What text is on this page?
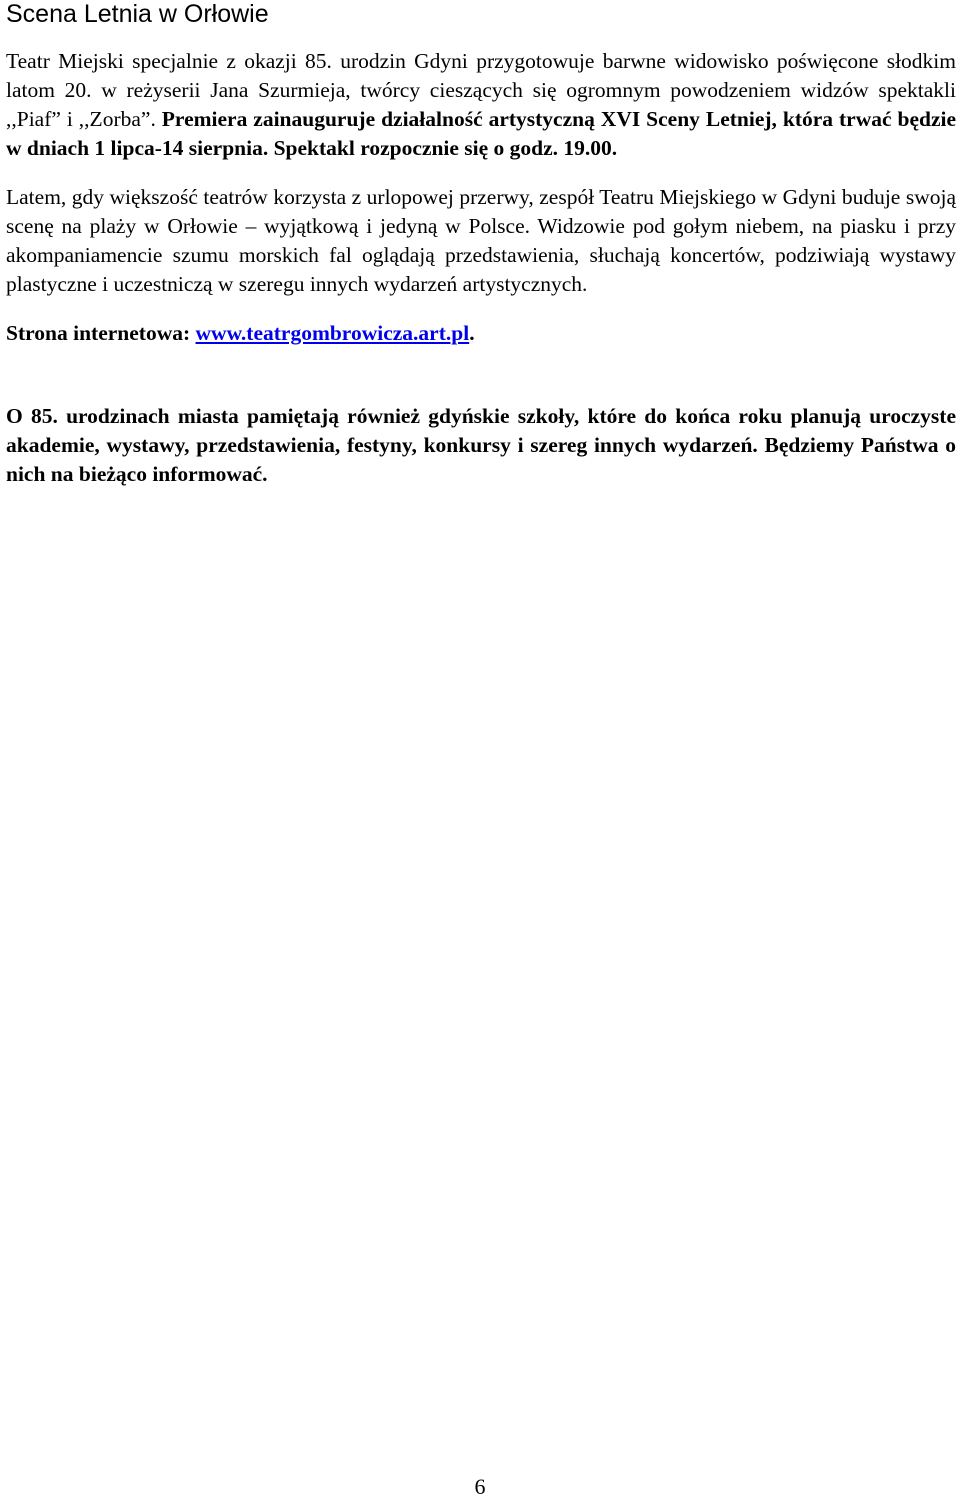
Scena Letnia w Orłowie

Teatr Miejski specjalnie z okazji 85. urodzin Gdyni przygotowuje barwne widowisko poświęcone słodkim latom 20. w reżyserii Jana Szurmieja, twórcy cieszących się ogromnym powodzeniem widzów spektakli ,,Piaf” i ,,Zorba”. Premiera zainauguruje działalność artystyczną XVI Sceny Letniej, która trwać będzie w dniach 1 lipca-14 sierpnia. Spektakl rozpocznie się o godz. 19.00.

Latem, gdy większość teatrów korzysta z urlopowej przerwy, zespół Teatru Miejskiego w Gdyni buduje swoją scenę na plaży w Orłowie – wyjątkową i jedyną w Polsce. Widzowie pod gołym niebem, na piasku i przy akompaniamencie szumu morskich fal oglądają przedstawienia, słuchają koncertów, podziwiają wystawy plastyczne i uczestniczą w szeregu innych wydarzeń artystycznych.

Strona internetowa: www.teatrgombrowicza.art.pl.

O 85. urodzinach miasta pamiętają również gdyńskie szkoły, które do końca roku planują uroczyste akademie, wystawy, przedstawienia, festyny, konkursy i szereg innych wydarzeń. Będziemy Państwa o nich na bieżąco informować.

6
